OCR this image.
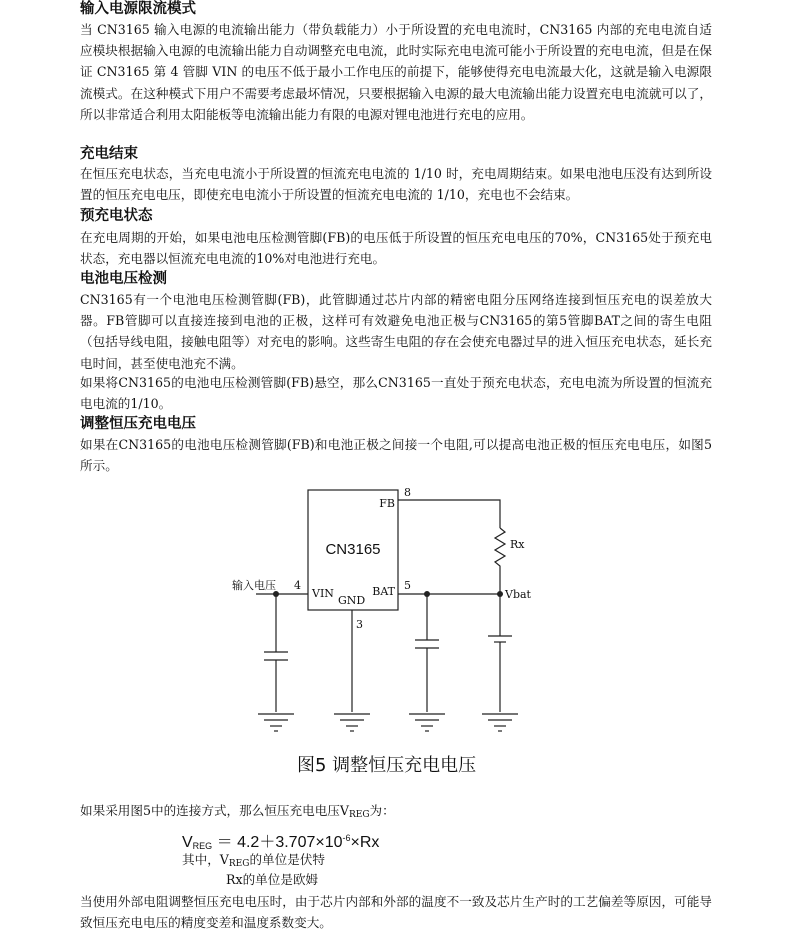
输入电源限流模式
当 CN3165 输入电源的电流输出能力（带负载能力）小于所设置的充电电流时，CN3165 内部的充电电流自适应模块根据输入电源的电流输出能力自动调整充电电流，此时实际充电电流可能小于所设置的充电电流，但是在保证 CN3165 第 4 管脚 VIN 的电压不低于最小工作电压的前提下，能够使得充电电流最大化，这就是输入电源限流模式。在这种模式下用户不需要考虑最坏情况，只要根据输入电源的最大电流输出能力设置充电电流就可以了，所以非常适合利用太阳能板等电流输出能力有限的电源对锂电池进行充电的应用。
充电结束
在恒压充电状态，当充电电流小于所设置的恒流充电电流的 1/10 时，充电周期结束。如果电池电压没有达到所设置的恒压充电电压，即使充电电流小于所设置的恒流充电电流的 1/10，充电也不会结束。
预充电状态
在充电周期的开始，如果电池电压检测管脚(FB)的电压低于所设置的恒压充电电压的70%，CN3165处于预充电状态，充电器以恒流充电电流的10%对电池进行充电。
电池电压检测
CN3165有一个电池电压检测管脚(FB)，此管脚通过芯片内部的精密电阻分压网络连接到恒压充电的误差放大器。FB管脚可以直接连接到电池的正极，这样可有效避免电池正极与CN3165的第5管脚BAT之间的寄生电阻（包括导线电阻，接触电阻等）对充电的影响。这些寄生电阻的存在会使充电器过早的进入恒压充电状态，延长充电时间，甚至使电池充不满。
如果将CN3165的电池电压检测管脚(FB)悬空，那么CN3165一直处于预充电状态，充电电流为所设置的恒流充电电流的1/10。
调整恒压充电电压
如果在CN3165的电池电压检测管脚(FB)和电池正极之间接一个电阻,可以提高电池正极的恒压充电电压，如图5所示。
FB
8
VIN
GND
BAT
4	5
3
Rx
Vbat
输入电压
CN3165
图5 调整恒压充电电压
如果采用图5中的连接方式，那么恒压充电电压$V_{REG}$为：
$V_{REG} = 4.2+3.707\times 10^{-6}\times Rx$
其中，$V_{REG}$的单位是伏特
Rx的单位是欧姆
当使用外部电阻调整恒压充电电压时，由于芯片内部和外部的温度不一致及芯片生产时的工艺偏差等原因，可能导致恒压充电电压的精度变差和温度系数变大。
